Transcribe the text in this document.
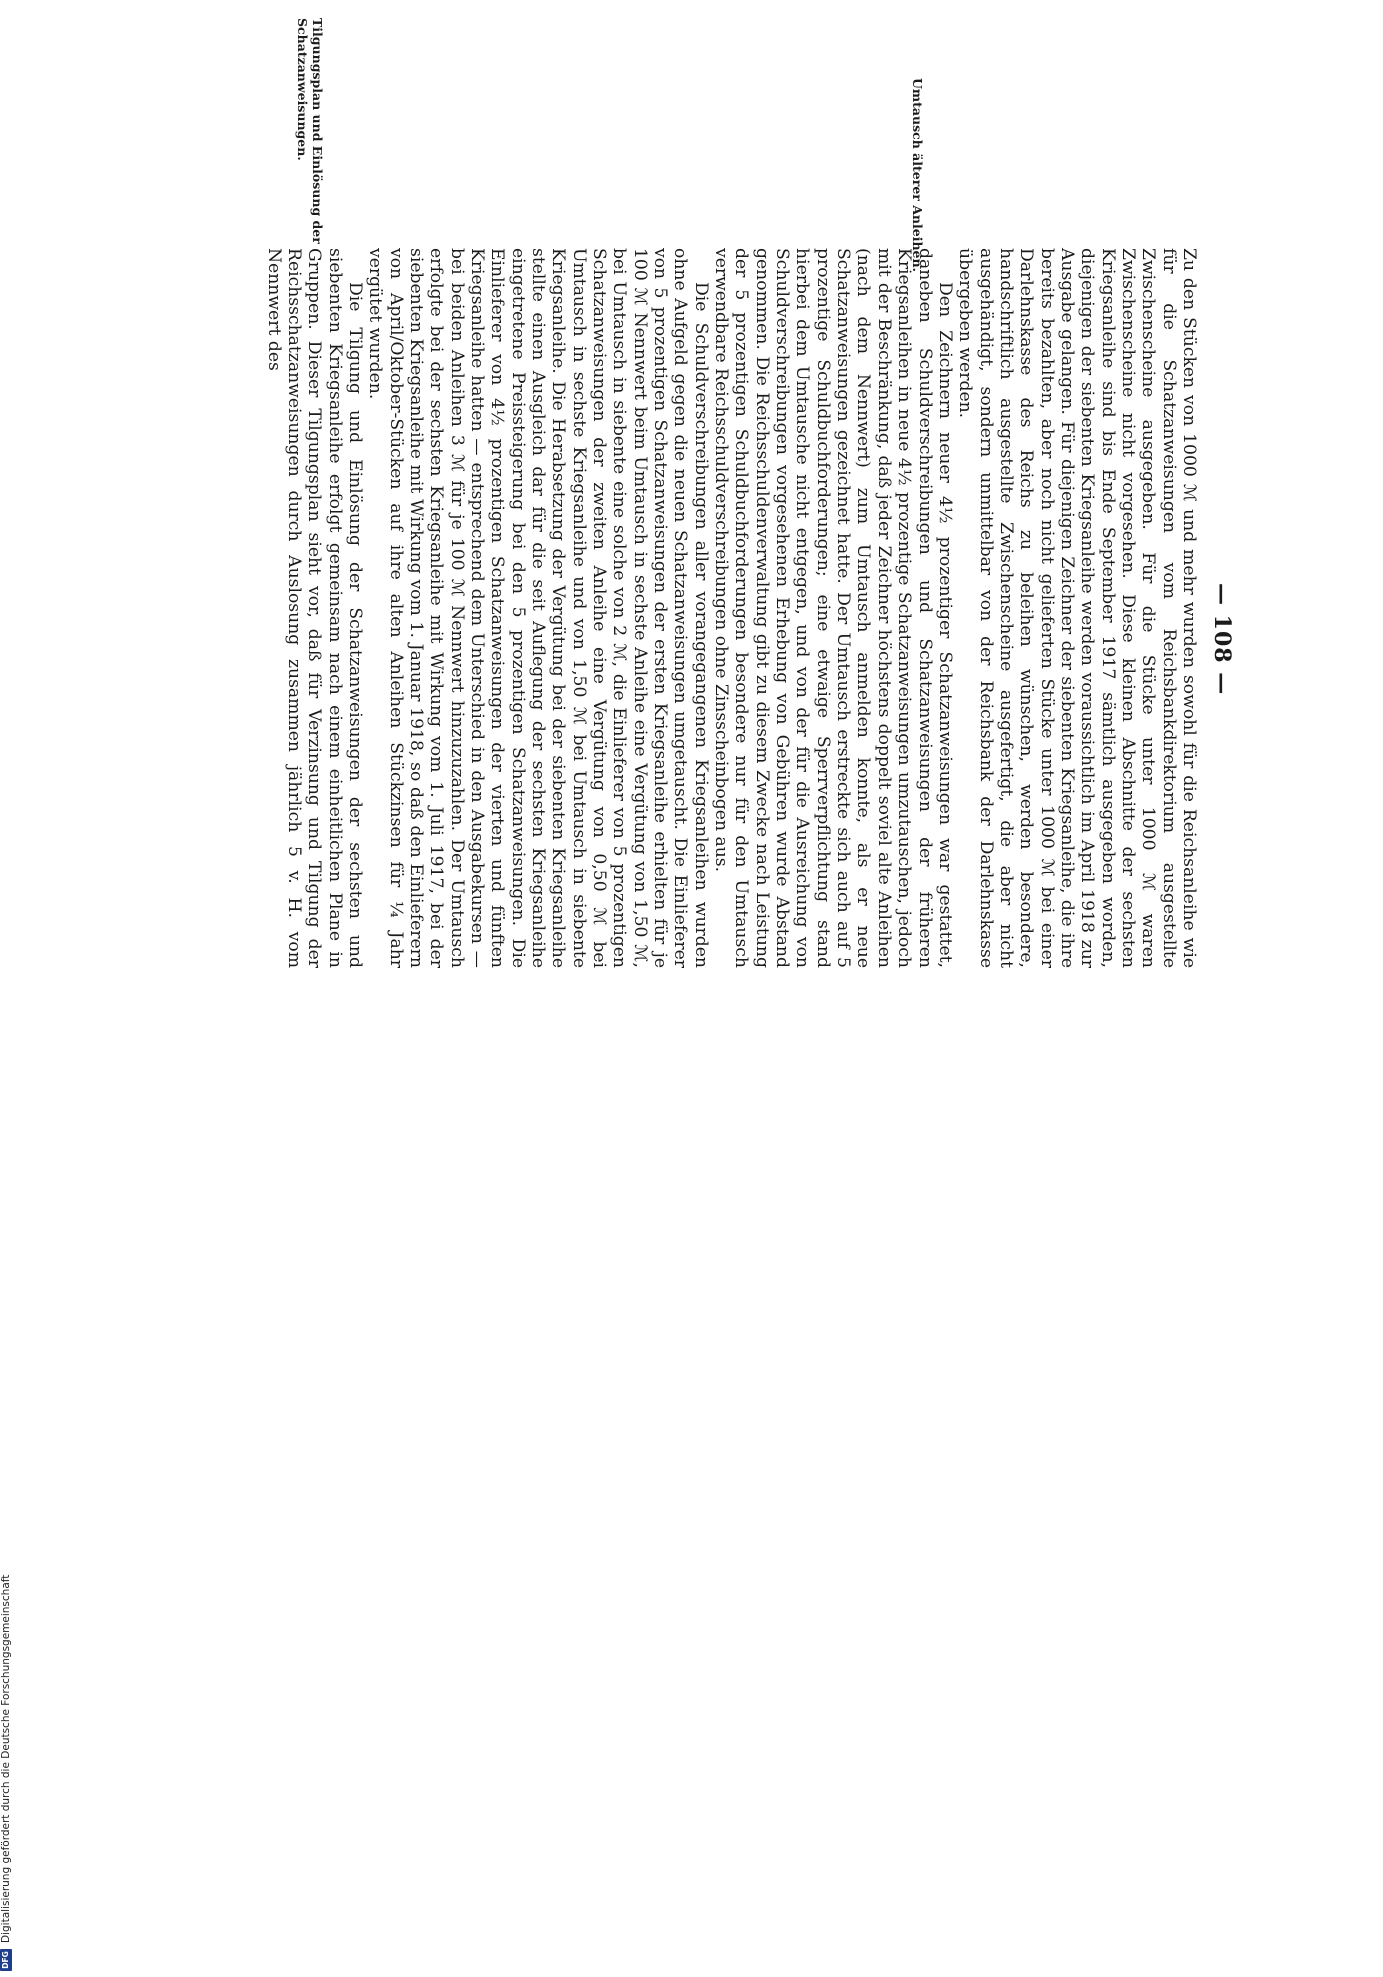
— 108 —

Zu den Stücken von 1000 ℳ und mehr wurden sowohl für die Reichsanleihe wie für die Schatzanweisungen vom Reichsbankdirektorium ausgestellte Zwischenscheine ausgegeben. Für die Stücke unter 1000 ℳ waren Zwischenscheine nicht vorgesehen. Diese kleinen Abschnitte der sechsten Kriegsanleihe sind bis Ende September 1917 sämtlich ausgegeben worden, diejenigen der siebenten Kriegsanleihe werden voraussichtlich im April 1918 zur Ausgabe gelangen. Für diejenigen Zeichner der siebenten Kriegsanleihe, die ihre bereits bezahlten, aber noch nicht gelieferten Stücke unter 1000 ℳ bei einer Darlehnskasse des Reichs zu beleihen wünschen, werden besondere, handschriftlich ausgestellte Zwischenscheine ausgefertigt, die aber nicht ausgehändigt, sondern unmittelbar von der Reichsbank der Darlehnskasse übergeben werden.

Den Zeichnern neuer 4½ prozentiger Schatzanweisungen war gestattet, daneben Schuldverschreibungen und Schatzanweisungen der früheren Kriegsanleihen in neue 4½ prozentige Schatzanweisungen umzutauschen, jedoch mit der Beschränkung, daß jeder Zeichner höchstens doppelt soviel alte Anleihen (nach dem Nennwert) zum Umtausch anmelden konnte, als er neue Schatzanweisungen gezeichnet hatte. Der Umtausch erstreckte sich auch auf 5 prozentige Schuldbuchforderungen; eine etwaige Sperrverpflichtung stand hierbei dem Umtausche nicht entgegen, und von der für die Ausreichung von Schuldverschreibungen vorgesehenen Erhebung von Gebühren wurde Abstand genommen. Die Reichsschuldenverwaltung gibt zu diesem Zwecke nach Leistung der 5 prozentigen Schuldbuchforderungen besondere nur für den Umtausch verwendbare Reichsschuldverschreibungen ohne Zinsscheinbogen aus.

Die Schuldverschreibungen aller vorangegangenen Kriegsanleihen wurden ohne Aufgeld gegen die neuen Schatzanweisungen umgetauscht. Die Einlieferer von 5 prozentigen Schatzanweisungen der ersten Kriegsanleihe erhielten für je 100 ℳ Nennwert beim Umtausch in sechste Anleihe eine Vergütung von 1,50 ℳ, bei Umtausch in siebente eine solche von 2 ℳ, die Einlieferer von 5 prozentigen Schatzanweisungen der zweiten Anleihe eine Vergütung von 0,50 ℳ bei Umtausch in sechste Kriegsanleihe und von 1,50 ℳ bei Umtausch in siebente Kriegsanleihe. Die Herabsetzung der Vergütung bei der siebenten Kriegsanleihe stellte einen Ausgleich dar für die seit Auflegung der sechsten Kriegsanleihe eingetretene Preissteigerung bei den 5 prozentigen Schatzanweisungen. Die Einlieferer von 4½ prozentigen Schatzanweisungen der vierten und fünften Kriegsanleihe hatten — entsprechend dem Unterschied in den Ausgabekursen — bei beiden Anleihen 3 ℳ für je 100 ℳ Nennwert hinzuzuzahlen. Der Umtausch erfolgte bei der sechsten Kriegsanleihe mit Wirkung vom 1. Juli 1917, bei der siebenten Kriegsanleihe mit Wirkung vom 1. Januar 1918, so daß den Einlieferern von April/Oktober-Stücken auf ihre alten Anleihen Stückzinsen für ¼ Jahr vergütet wurden.

Die Tilgung und Einlösung der Schatzanweisungen der sechsten und siebenten Kriegsanleihe erfolgt gemeinsam nach einem einheitlichen Plane in Gruppen. Dieser Tilgungsplan sieht vor, daß für Verzinsung und Tilgung der Reichsschatzanweisungen durch Auslosung zusammen jährlich 5 v. H. vom Nennwert des

Umtausch älterer Anleihen.
Tilgungsplan und Einlösung der Schatzanweisungen.
DFG
Digitalisierung gefördert durch die Deutsche Forschungsgemeinschaft
